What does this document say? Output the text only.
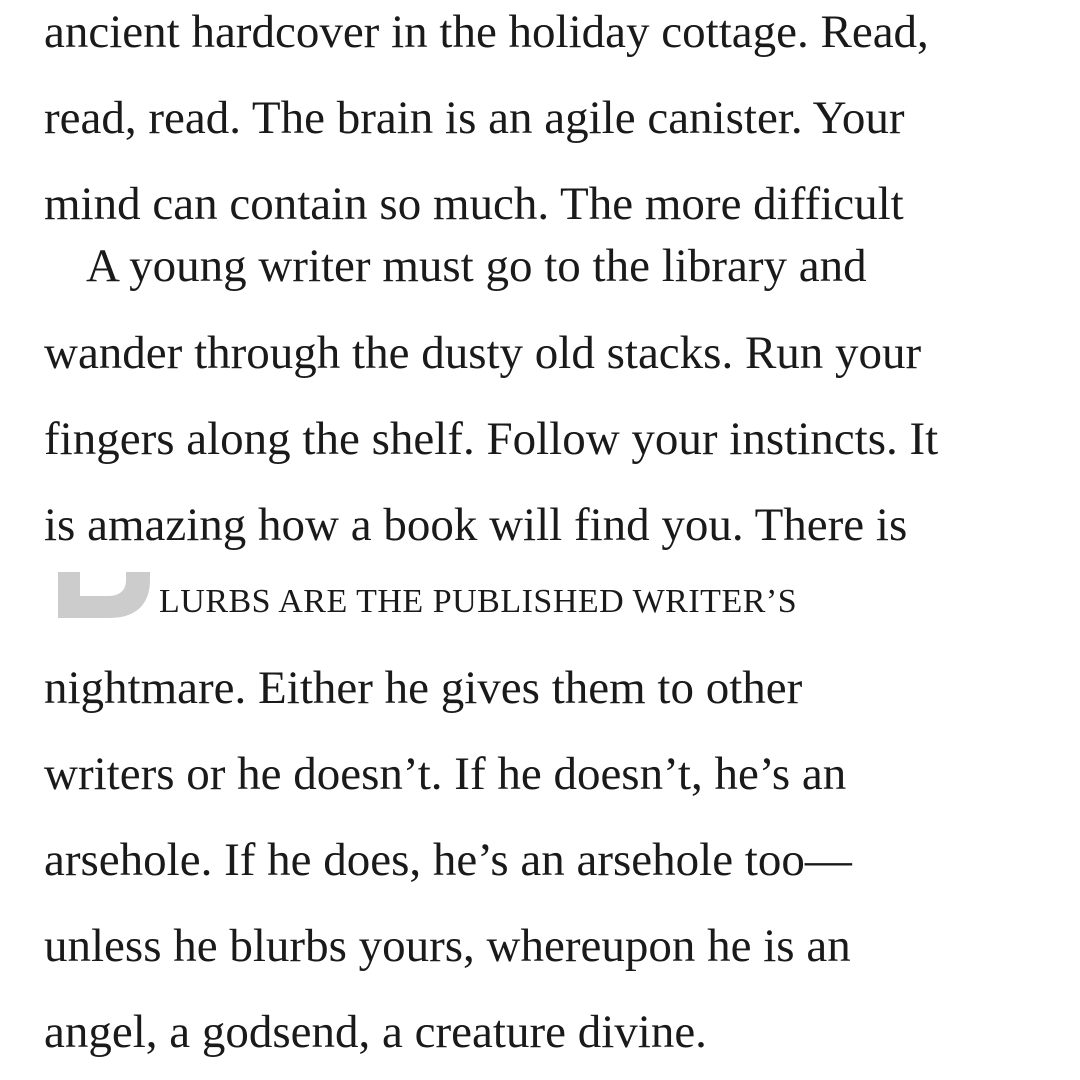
ancient hardcover in the holiday cottage. Read,
read, read. The brain is an agile canister. Your
mind can contain so much. The more difficult
A young writer must go to the library and
wander through the dusty old stacks. Run your
fingers along the shelf. Follow your instincts. It
is amazing how a book will find you. There is
LURBS ARE THE PUBLISHED WRITER’S
nightmare. Either he gives them to other
writers or he doesn’t. If he doesn’t, he’s an
arsehole. If he does, he’s an arsehole too—
unless he blurbs yours, whereupon he is an
angel, a godsend, a creature divine.
